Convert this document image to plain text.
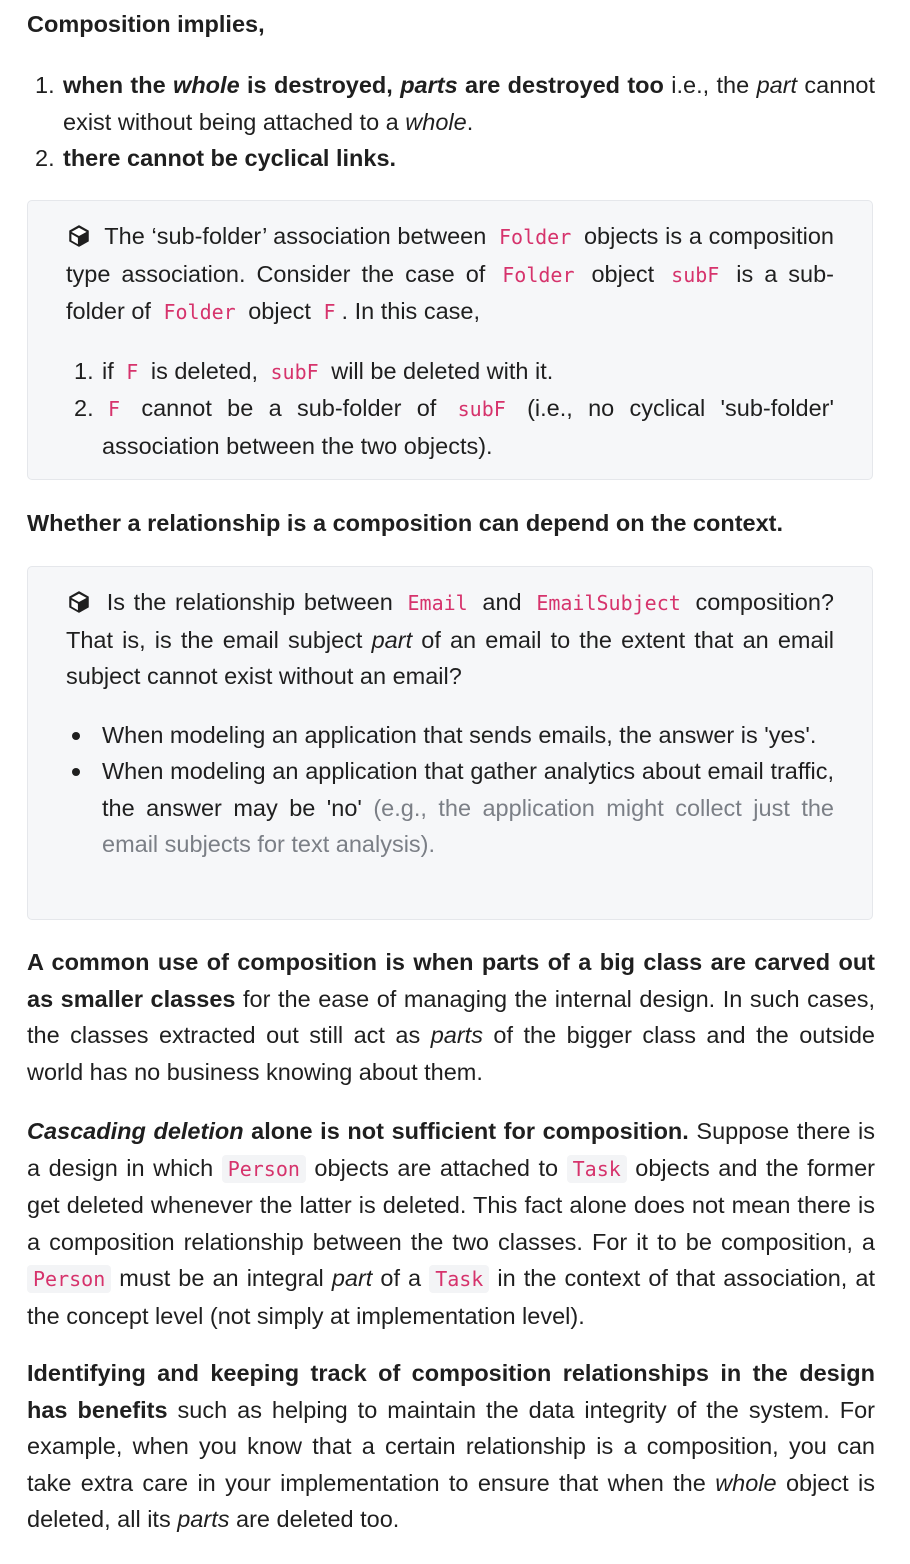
Composition implies,

1. when the whole is destroyed, parts are destroyed too i.e., the part cannot exist without being attached to a whole.
2. there cannot be cyclical links.

The ‘sub-folder’ association between Folder objects is a composition type association. Consider the case of Folder object subF is a sub-folder of Folder object F . In this case,

1. if F is deleted, subF will be deleted with it.
2. F cannot be a sub-folder of subF (i.e., no cyclical 'sub-folder' association between the two objects).

Whether a relationship is a composition can depend on the context.

Is the relationship between Email and EmailSubject composition? That is, is the email subject part of an email to the extent that an email subject cannot exist without an email?

When modeling an application that sends emails, the answer is 'yes'.
When modeling an application that gather analytics about email traffic, the answer may be 'no' (e.g., the application might collect just the email subjects for text analysis).

A common use of composition is when parts of a big class are carved out as smaller classes for the ease of managing the internal design. In such cases, the classes extracted out still act as parts of the bigger class and the outside world has no business knowing about them.

Cascading deletion alone is not sufficient for composition. Suppose there is a design in which Person objects are attached to Task objects and the former get deleted whenever the latter is deleted. This fact alone does not mean there is a composition relationship between the two classes. For it to be composition, a Person must be an integral part of a Task in the context of that association, at the concept level (not simply at implementation level).

Identifying and keeping track of composition relationships in the design has benefits such as helping to maintain the data integrity of the system. For example, when you know that a certain relationship is a composition, you can take extra care in your implementation to ensure that when the whole object is deleted, all its parts are deleted too.
